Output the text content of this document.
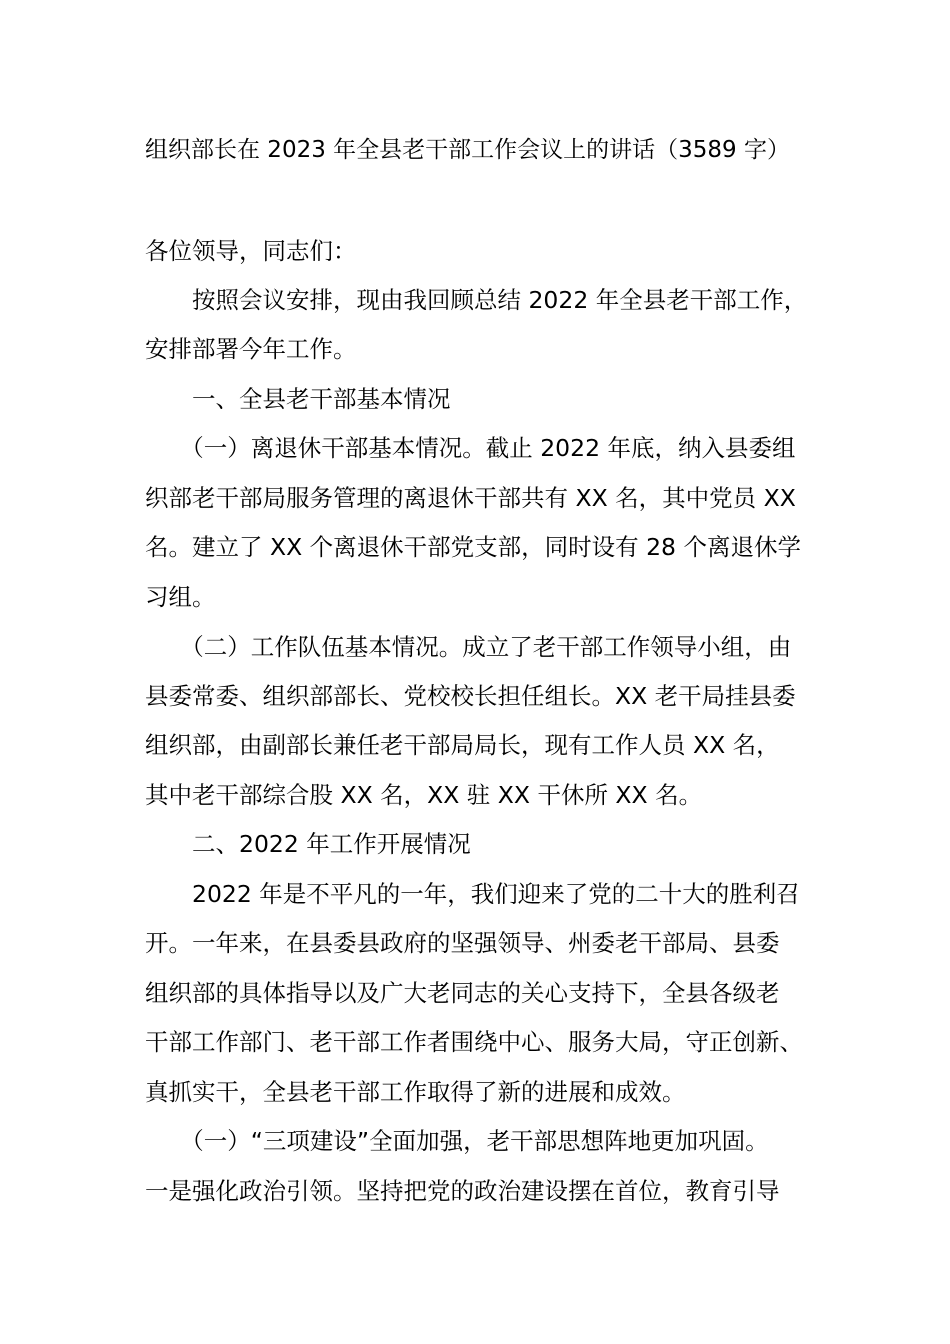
组织部长在 2023 年全县老干部工作会议上的讲话（3589 字）
各位领导，同志们：
　　按照会议安排，现由我回顾总结 2022 年全县老干部工作，
安排部署今年工作。
　　一、全县老干部基本情况
　　（一）离退休干部基本情况。截止 2022 年底，纳入县委组
织部老干部局服务管理的离退休干部共有 XX 名，其中党员 XX
名。建立了 XX 个离退休干部党支部，同时设有 28 个离退休学
习组。
　　（二）工作队伍基本情况。成立了老干部工作领导小组，由
县委常委、组织部部长、党校校长担任组长。XX 老干局挂县委
组织部，由副部长兼任老干部局局长，现有工作人员 XX 名，
其中老干部综合股 XX 名，XX 驻 XX 干休所 XX 名。
　　二、2022 年工作开展情况
　　2022 年是不平凡的一年，我们迎来了党的二十大的胜利召
开。一年来，在县委县政府的坚强领导、州委老干部局、县委
组织部的具体指导以及广大老同志的关心支持下，全县各级老
干部工作部门、老干部工作者围绕中心、服务大局，守正创新、
真抓实干，全县老干部工作取得了新的进展和成效。
　　（一）“三项建设”全面加强，老干部思想阵地更加巩固。
一是强化政治引领。坚持把党的政治建设摆在首位，教育引导
